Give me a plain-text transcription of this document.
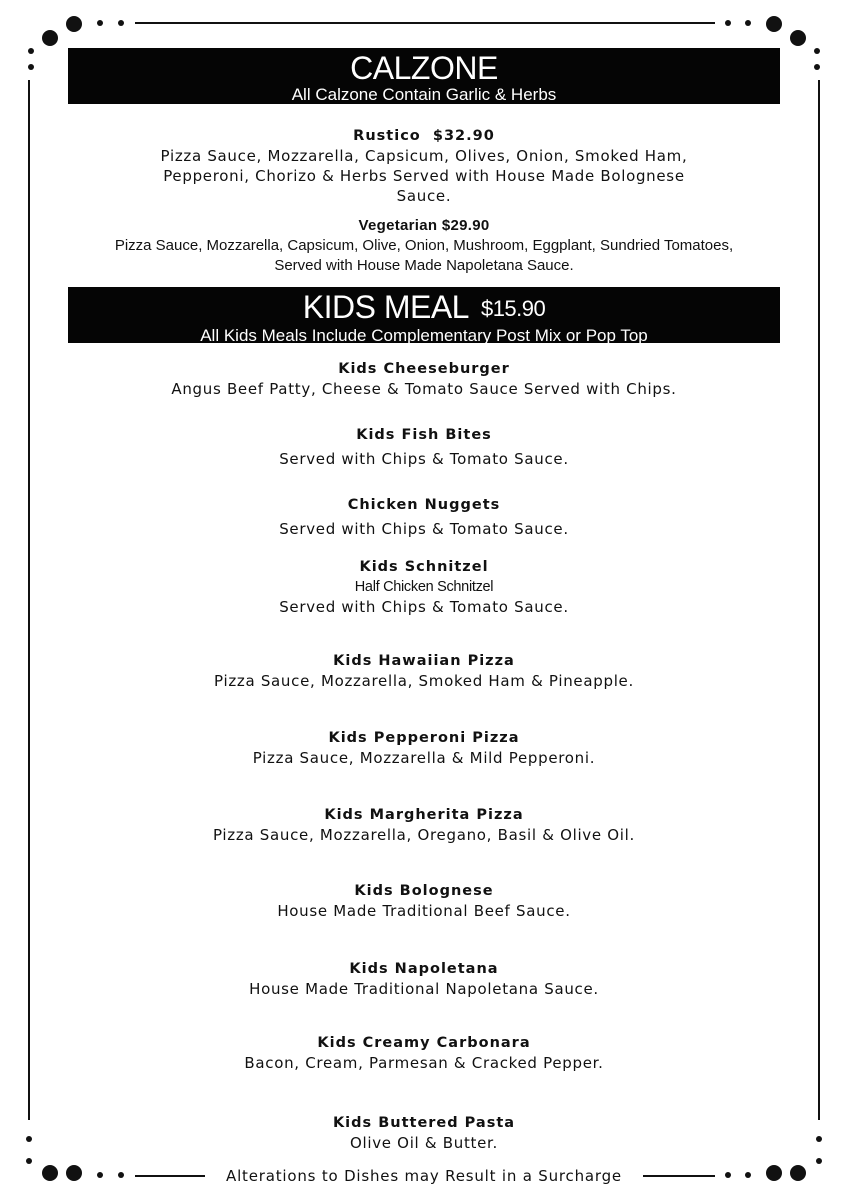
CALZONE
All Calzone Contain Garlic & Herbs
Rustico $32.90
Pizza Sauce, Mozzarella, Capsicum, Olives, Onion, Smoked Ham, Pepperoni, Chorizo & Herbs Served with House Made Bolognese Sauce.
Vegetarian $29.90
Pizza Sauce, Mozzarella, Capsicum, Olive, Onion, Mushroom, Eggplant, Sundried Tomatoes,
Served with House Made Napoletana Sauce.
KIDS MEAL $15.90
All Kids Meals Include Complementary Post Mix or Pop Top
Kids Cheeseburger
Angus Beef Patty, Cheese & Tomato Sauce Served with Chips.
Kids Fish Bites
Served with Chips & Tomato Sauce.
Chicken Nuggets
Served with Chips & Tomato Sauce.
Kids Schnitzel
Half Chicken Schnitzel
Served with Chips & Tomato Sauce.
Kids Hawaiian Pizza
Pizza Sauce, Mozzarella, Smoked Ham & Pineapple.
Kids Pepperoni Pizza
Pizza Sauce, Mozzarella & Mild Pepperoni.
Kids Margherita Pizza
Pizza Sauce, Mozzarella, Oregano, Basil & Olive Oil.
Kids Bolognese
House Made Traditional Beef Sauce.
Kids Napoletana
House Made Traditional Napoletana Sauce.
Kids Creamy Carbonara
Bacon, Cream, Parmesan & Cracked Pepper.
Kids Buttered Pasta
Olive Oil & Butter.
Alterations to Dishes may Result in a Surcharge
